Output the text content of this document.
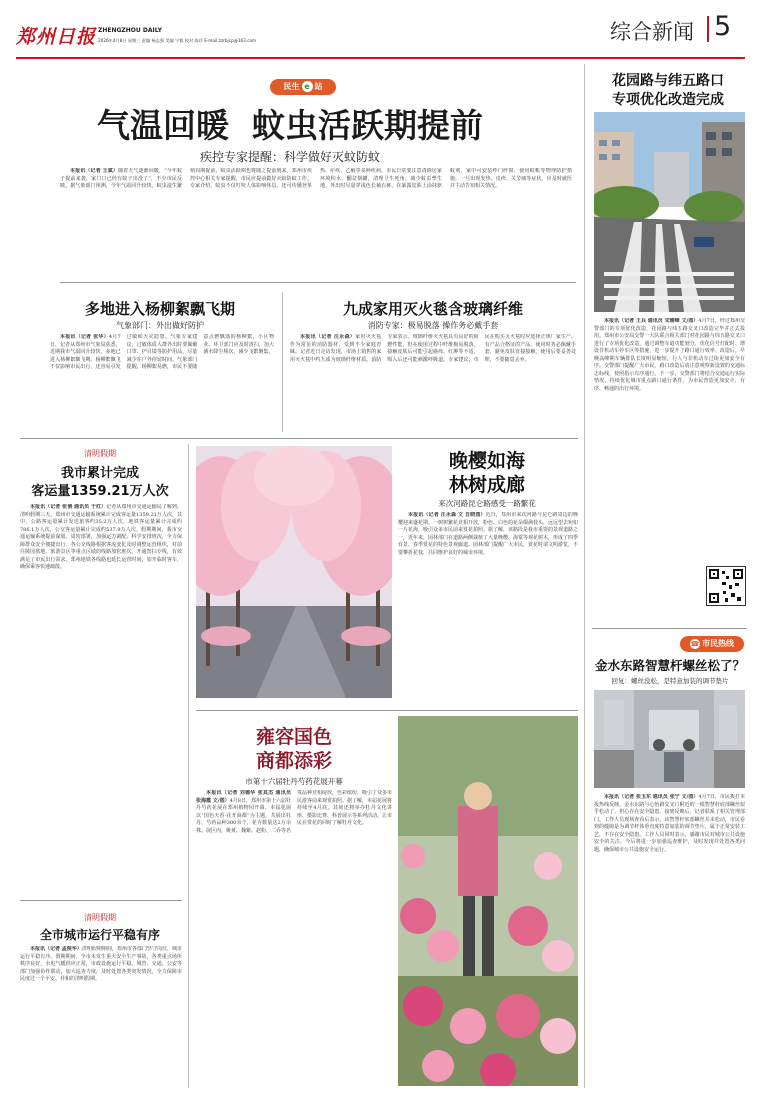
郑州日报 ZHENGZHOU DAILY
2026年4月8日 星期三 责编 杨志强 美编 宁毅 校对 陈玲 E-mail:zzrbjcp@163.com	综合新闻 5
民生 e 站
气温回暖  蚊虫活跃期提前
疾控专家提醒：科学做好灭蚊防蚊

本报讯（记者 王斌）随着天气逐渐回暖，“今年蚊子提前来袭，家门口已经有蚊子出没了”，不少市民反映。据气象部门预测，今年气温回升较快，蚊虫滋生繁殖周期提前，蚊虫活跃期也将随之提前到来。郑州市疾控中心相关专家提醒，市民应提前做好灭蚊防蚊工作。专家介绍，蚊虫不仅叮咬人体影响休息，还可传播登革热、疟疾、乙脑等多种疾病。市民日常要注意清除居家环境积水，翻盆倒罐，清理卫生死角，减少蚊虫孳生地。外出时尽量穿浅色长袖衣裤，在暴露皮肤上涂抹驱蚊剂，家中可安装纱门纱窗、使用蚊帐等物理防护措施。一旦出现发热、皮疹、关节痛等症状，应及时就医并主动告知相关情况。

花园路与纬五路口
专项优化改造完成

本报讯（记者 王兵 通讯员 宋辅峰 文/图）4月7日，经过郑州交警部门的专项优化改造，花园路与纬五路交叉口改造完毕并正式投用。郑州市公安局交警一大队联合相关部门对花园路与纬五路交叉口进行了专项优化改造，通过调整车道功能划分、优化信号灯配时、增设非机动车停车区等措施，进一步提升了路口通行效率。改造后，早晚高峰期车辆排队长度明显缩短，行人与非机动车过街更加安全有序。交警部门提醒广大市民，路口改造后请注意观察新设置的交通标志标线，按照指示有序通行。下一步，交警部门将结合交通运行实际情况，持续优化城市重点路口通行条件，为市民营造更加安全、有序、畅通的出行环境。

☎ 市民热线
金水东路智慧杆螺丝松了？
回复：螺丝没松，是特意加装的调节垫片

本报讯（记者 张玉东 通讯员 张宁 文/图）4月7日，市民拨打本报热线反映，金水东路与心怡路交叉口附近的一根智慧杆底部螺丝似乎松动了，担心存在安全隐患。接到反映后，记者联系了相关管理部门。工作人员现场查看后表示，该智慧杆底部螺丝并未松动，市民看到的缝隙是为调节杆体垂直度特意加装的调节垫片，属于正常安装工艺，不存在安全隐患。工作人员同时表示，感谢市民对城市公共设施安全的关注，今后将进一步加强巡查维护，及时发现并处置各类问题，确保城市公共设施安全运行。

多地进入杨柳絮飘飞期
气象部门：外出做好防护

本报讯（记者 张华）4月7日，记者从郑州市气象局获悉，近期我市气温回升较快，多地已进入杨柳絮飘飞期。杨柳絮飘飞不仅影响市民出行，还容易引发过敏和火灾隐患。气象专家建议，过敏体质人群外出时要佩戴口罩、护目镜等防护用品，尽量减少在户外停留时间。气象部门提醒，杨柳絮易燃，市民不要随意点燃飘落的杨柳絮，小区物业、环卫部门应及时清扫，加大洒水降尘频次，减少飞絮聚集。

九成家用灭火毯含玻璃纤维
消防专家：极易脱落 操作务必戴手套

本报讯（记者 汪永森）家用灭火毯作为常见的消防器材，受到不少家庭青睐。记者近日走访发现，市场上销售的家用灭火毯中约九成为玻璃纤维材质。消防专家表示，玻璃纤维灭火毯具有良好的阻燃性能，但在使用过程中纤维极易脱落，接触皮肤后可能引起瘙痒、红肿等不适，吸入后还可能刺激呼吸道。专家建议，市民在购买灭火毯时应选择正规厂家生产、有产品合格证的产品，使用时务必佩戴手套，避免皮肤直接接触，使用后要妥善处理，不要随意丢弃。

清明假期
我市累计完成
客运量1359.21万人次

本报讯（记者 张倩 通讯员 于红）记者从郑州市交通运输局了解到，清明假期三天，郑州市交通运输系统累计完成客运量1359.21万人次，其中，公路客运量累计发送旅客约35.2万人次，地铁客运量累计完成约786.1万人次，公交客运量累计完成约537.9万人次。假期期间，我市交通运输系统提前谋划、周密部署，加强运力调配，科学安排班次，全力保障群众安全便捷出行。各公交线路根据客流变化及时调整运营组织，对前往陵园墓地、旅游景区等重点区域的线路加密班次，开通祭扫专线，有效满足了市民出行需求。郑州地铁各线路也延长运营时间，加开临时客车，确保乘客快速疏散。

清明假期
全市城市运行平稳有序

本报讯（记者 孟俊华）清明假期期间，郑州市各部门坚守岗位，城市运行平稳有序。假期期间，全市未发生重大安全生产事故，各类重点场所秩序良好，水电气暖供应正常，市政设施运行平稳。城管、交通、公安等部门加强协作联动，加大巡查力度，及时处置各类突发情况，全力保障市民度过一个平安、祥和的清明假期。

晚樱如海
林树成廊
来次河路昆仑路感受一路繁花

本报讯（记者 汪永森 文 自晓图）近日，郑州市来次河路与昆仑路周边的晚樱迎来盛花期。一树树繁花竞相开放，粉色、白色的花朵缀满枝头，远远望去宛如一片花海，吸引众多市民前来赏花拍照。据了解，该路段是我市重要的景观道路之一，近年来，园林部门在道路两侧栽植了大量晚樱、海棠等观花树木，形成了四季有景、春季赏花的特色景观廊道。园林部门提醒广大市民，赏花时请文明游览，不要攀折花枝，共同维护良好的城市环境。

雍容国色
商都添彩
市第十六届牡丹芍药花展开幕

本报讯（记者 刘德华 张其杰 通讯员 张海霞 文/图）4月8日，郑州市第十六届牡丹芍药花展在郑州植物园开幕。本届花展以“国色天香·花开商都”为主题，共展出牡丹、芍药品种300余个，花卉数量达2万余株。展区内，姚黄、魏紫、赵粉、二乔等名贵品种竞相绽放，色彩缤纷，吸引了众多市民游客前来观赏拍照。据了解，本届花展将持续至4月底，其间还将举办牡丹文化讲座、摄影比赛、科普展示等系列活动，让市民在赏花的同时了解牡丹文化。
